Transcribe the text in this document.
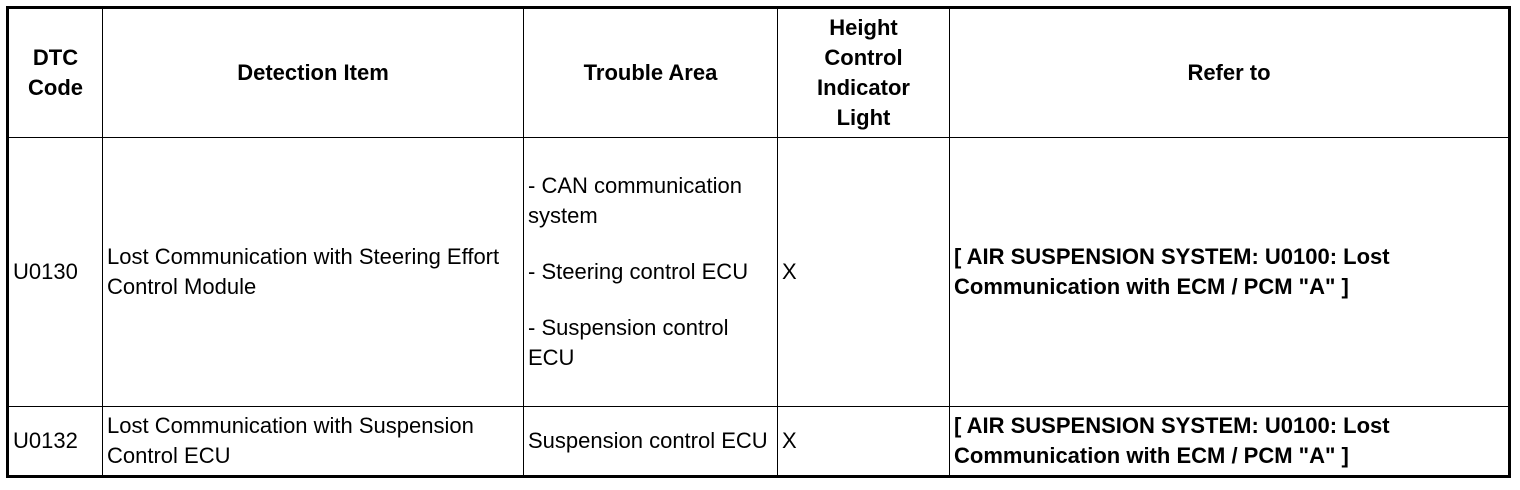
DTC
Code	Detection Item	Trouble Area	Height
Control
Indicator
Light	Refer to
U0130	Lost Communication with Steering Effort Control Module	- CAN communication system
- Steering control ECU
- Suspension control ECU	X	[ AIR SUSPENSION SYSTEM: U0100: Lost Communication with ECM / PCM "A" ]
U0132	Lost Communication with Suspension Control ECU	Suspension control ECU	X	[ AIR SUSPENSION SYSTEM: U0100: Lost Communication with ECM / PCM "A" ]
